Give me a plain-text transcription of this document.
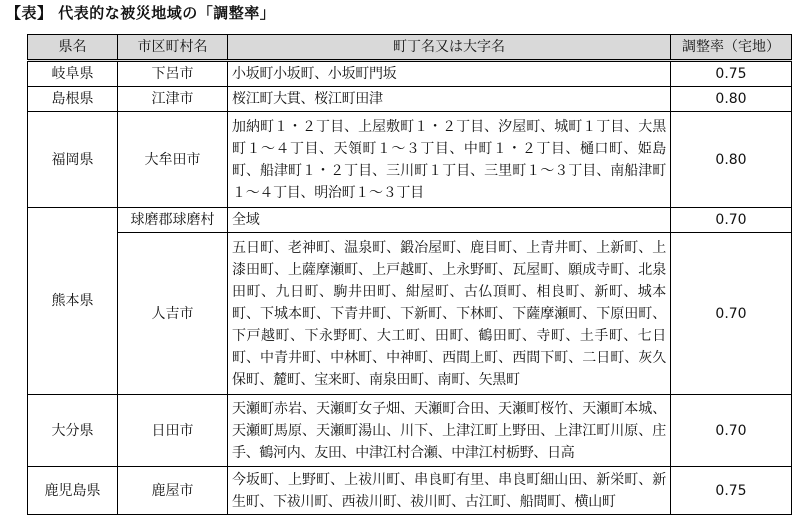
【表】 代表的な被災地域の「調整率」
県名	市区町村名	町丁名又は大字名	調整率（宅地）
岐阜県	下呂市	小坂町小坂町、小坂町門坂	0.75
島根県	江津市	桜江町大貫、桜江町田津	0.80
福岡県	大牟田市	加納町１・２丁目、上屋敷町１・２丁目、汐屋町、城町１丁目、大黒町１～４丁目、天領町１～３丁目、中町１・２丁目、樋口町、姫島町、船津町１・２丁目、三川町１丁目、三里町１～３丁目、南船津町１～４丁目、明治町１～３丁目	0.80
熊本県	球磨郡球磨村	全域	0.70
	人吉市	五日町、老神町、温泉町、鍛冶屋町、鹿目町、上青井町、上新町、上漆田町、上薩摩瀬町、上戸越町、上永野町、瓦屋町、願成寺町、北泉田町、九日町、駒井田町、紺屋町、古仏頂町、相良町、新町、城本町、下城本町、下青井町、下新町、下林町、下薩摩瀬町、下原田町、下戸越町、下永野町、大工町、田町、鶴田町、寺町、土手町、七日町、中青井町、中林町、中神町、西間上町、西間下町、二日町、灰久保町、麓町、宝来町、南泉田町、南町、矢黒町	0.70
大分県	日田市	天瀬町赤岩、天瀬町女子畑、天瀬町合田、天瀬町桜竹、天瀬町本城、天瀬町馬原、天瀬町湯山、川下、上津江町上野田、上津江町川原、庄手、鶴河内、友田、中津江村合瀬、中津江村栃野、日高	0.70
鹿児島県	鹿屋市	今坂町、上野町、上祓川町、串良町有里、串良町細山田、新栄町、新生町、下祓川町、西祓川町、祓川町、古江町、船間町、横山町	0.75
